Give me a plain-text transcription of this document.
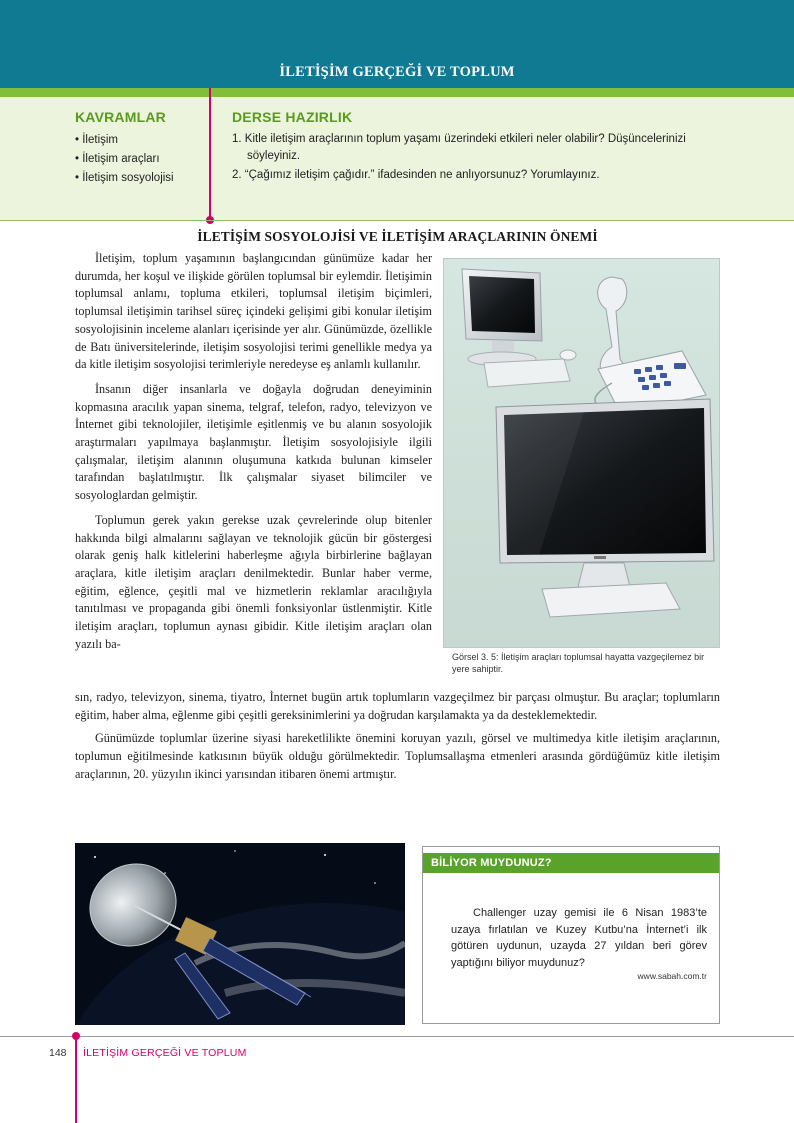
İLETİŞİM GERÇEĞİ VE TOPLUM
KAVRAMLAR
• İletişim
• İletişim araçları
• İletişim sosyolojisi
DERSE HAZIRLIK
1. Kitle iletişim araçlarının toplum yaşamı üzerindeki etkileri neler olabilir? Düşüncelerinizi söyleyiniz.
2. “Çağımız iletişim çağıdır.” ifadesinden ne anlıyorsunuz? Yorumlayınız.
İLETİŞİM SOSYOLOJİSİ VE İLETİŞİM ARAÇLARININ ÖNEMİ

İletişim, toplum yaşamının başlangıcından günümüze kadar her durumda, her koşul ve ilişkide görülen toplumsal bir eylemdir. İletişimin toplumsal anlamı, topluma etkileri, toplumsal iletişim biçimleri, toplumsal iletişimin tarihsel süreç içindeki gelişimi gibi konular iletişim sosyolojisinin inceleme alanları içerisinde yer alır. Günümüzde, özellikle de Batı üniversitelerinde, iletişim sosyolojisi terimi genellikle medya ya da kitle iletişim sosyolojisi terimleriyle neredeyse eş anlamlı kullanılır.

İnsanın diğer insanlarla ve doğayla doğrudan deneyiminin kopmasına aracılık yapan sinema, telgraf, telefon, radyo, televizyon ve İnternet gibi teknolojiler, iletişimle eşitlenmiş ve bu alanın sosyolojik araştırmaları yapılmaya başlanmıştır. İletişim sosyolojisiyle ilgili çalışmalar, iletişim alanının oluşumuna katkıda bulunan kimseler tarafından başlatılmıştır. İlk çalışmalar siyaset bilimciler ve sosyologlardan gelmiştir.

Toplumun gerek yakın gerekse uzak çevrelerinde olup bitenler hakkında bilgi almalarını sağlayan ve teknolojik gücün bir göstergesi olarak geniş halk kitlelerini haberleşme ağıyla birbirlerine bağlayan araçlara, kitle iletişim araçları denilmektedir. Bunlar haber verme, eğitim, eğlence, çeşitli mal ve hizmetlerin reklamlar aracılığıyla tanıtılması ve propaganda gibi önemli fonksiyonlar üstlenmiştir. Kitle iletişim araçları, toplumun aynası gibidir. Kitle iletişim araçları olan yazılı ba-

sın, radyo, televizyon, sinema, tiyatro, İnternet bugün artık toplumların vazgeçilmez bir parçası olmuştur. Bu araçlar; toplumların eğitim, haber alma, eğlenme gibi çeşitli gereksinimlerini ya doğrudan karşılamakta ya da desteklemektedir.

Günümüzde toplumlar üzerine siyasi hareketlilikte önemini koruyan yazılı, görsel ve multimedya kitle iletişim araçlarının, toplumun eğitilmesinde katkısının büyük olduğu görülmektedir. Toplumsallaşma etmenleri arasında gördüğümüz kitle iletişim araçlarının, 20. yüzyılın ikinci yarısından itibaren önemi artmıştır.

Görsel 3. 5: İletişim araçları toplumsal hayatta vazgeçilemez bir yere sahiptir.
BİLİYOR MUYDUNUZ?
Challenger uzay gemisi ile 6 Nisan 1983’te uzaya fırlatılan ve Kuzey Kutbu’na İnternet’i ilk götüren uydunun, uzayda 27 yıldan beri görev yaptığını biliyor muydunuz?
www.sabah.com.tr
148 İLETİŞİM GERÇEĞİ VE TOPLUM
